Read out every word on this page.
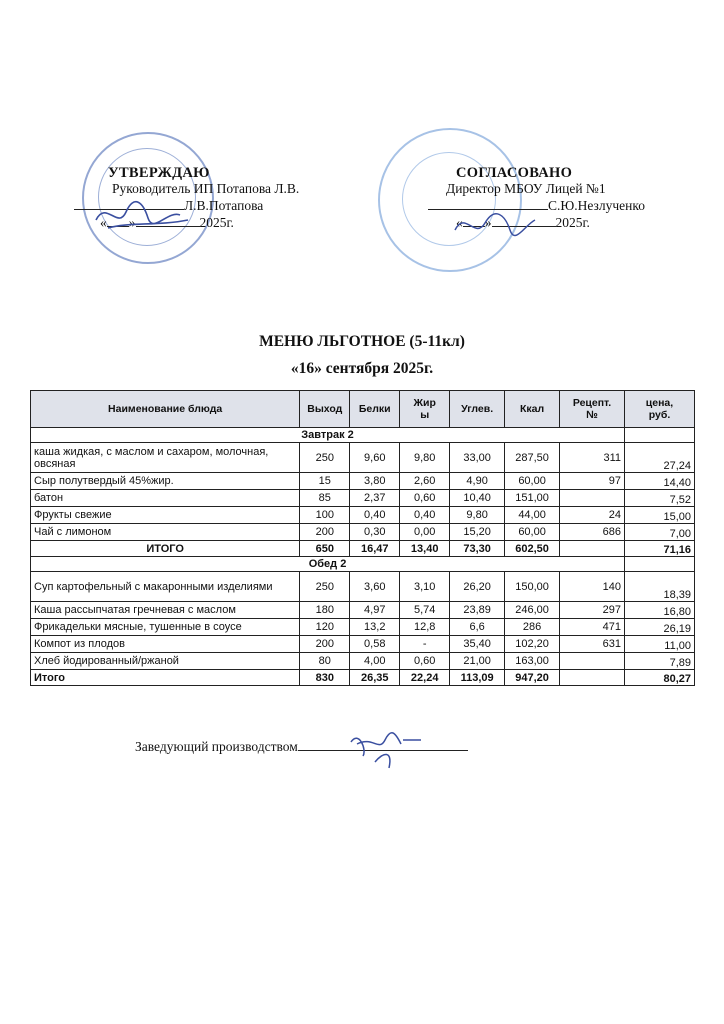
УТВЕРЖДАЮ
Руководитель ИП Потапова Л.В.
Л.В.Потапова
« »	2025г.
СОГЛАСОВАНО
Директор МБОУ Лицей №1
С.Ю.Незлученко
« »	2025г.
МЕНЮ ЛЬГОТНОЕ (5-11кл)
«16» сентября 2025г.
Наименование блюда	Выход	Белки	Жир ы	Углев.	Ккал	Рецепт. №	цена, руб.
Завтрак 2							
каша жидкая, с маслом и сахаром, молочная, овсяная	250	9,60	9,80	33,00	287,50	311	27,24
Сыр полутвердый 45%жир.	15	3,80	2,60	4,90	60,00	97	14,40
батон	85	2,37	0,60	10,40	151,00		7,52
Фрукты свежие	100	0,40	0,40	9,80	44,00	24	15,00
Чай с лимоном	200	0,30	0,00	15,20	60,00	686	7,00
ИТОГО	650	16,47	13,40	73,30	602,50		71,16
Обед 2							
Суп картофельный с макаронными изделиями	250	3,60	3,10	26,20	150,00	140	18,39
Каша рассыпчатая гречневая с маслом	180	4,97	5,74	23,89	246,00	297	16,80
Фрикадельки мясные, тушенные в соусе	120	13,2	12,8	6,6	286	471	26,19
Компот из плодов	200	0,58	-	35,40	102,20	631	11,00
Хлеб йодированный/ржаной	80	4,00	0,60	21,00	163,00		7,89
Итого	830	26,35	22,24	113,09	947,20		80,27
Заведующий производством
